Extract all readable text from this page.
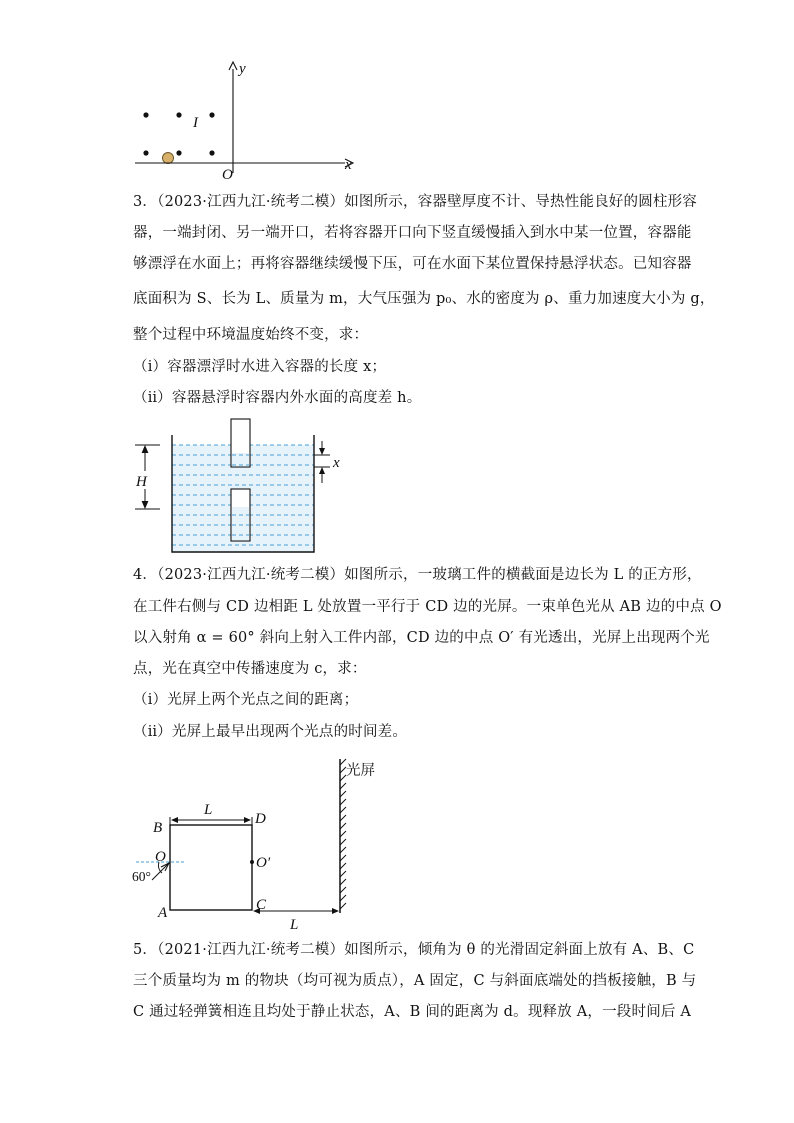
I
y
x
O
3．（2023·江西九江·统考二模）如图所示，容器壁厚度不计、导热性能良好的圆柱形容
器，一端封闭、另一端开口，若将容器开口向下竖直缓慢插入到水中某一位置，容器能
够漂浮在水面上；再将容器继续缓慢下压，可在水面下某位置保持悬浮状态。已知容器
底面积为 S、长为 L、质量为 m，大气压强为 p₀、水的密度为 ρ、重力加速度大小为 g，
整个过程中环境温度始终不变，求：
（ⅰ）容器漂浮时水进入容器的长度 x；
（ⅱ）容器悬浮时容器内外水面的高度差 h。
H
x
4．（2023·江西九江·统考二模）如图所示，一玻璃工件的横截面是边长为 L 的正方形，
在工件右侧与 CD 边相距 L 处放置一平行于 CD 边的光屏。一束单色光从 AB 边的中点 O
以入射角 α = 60° 斜向上射入工件内部，CD 边的中点 O′ 有光透出，光屏上出现两个光
点，光在真空中传播速度为 c，求：
（ⅰ）光屏上两个光点之间的距离；
（ⅱ）光屏上最早出现两个光点的时间差。
L
光屏
L
60°
B
D
O	O′
A	C
5．（2021·江西九江·统考二模）如图所示，倾角为 θ 的光滑固定斜面上放有 A、B、C
三个质量均为 m 的物块（均可视为质点），A 固定，C 与斜面底端处的挡板接触，B 与
C 通过轻弹簧相连且均处于静止状态，A、B 间的距离为 d。现释放 A，一段时间后 A
